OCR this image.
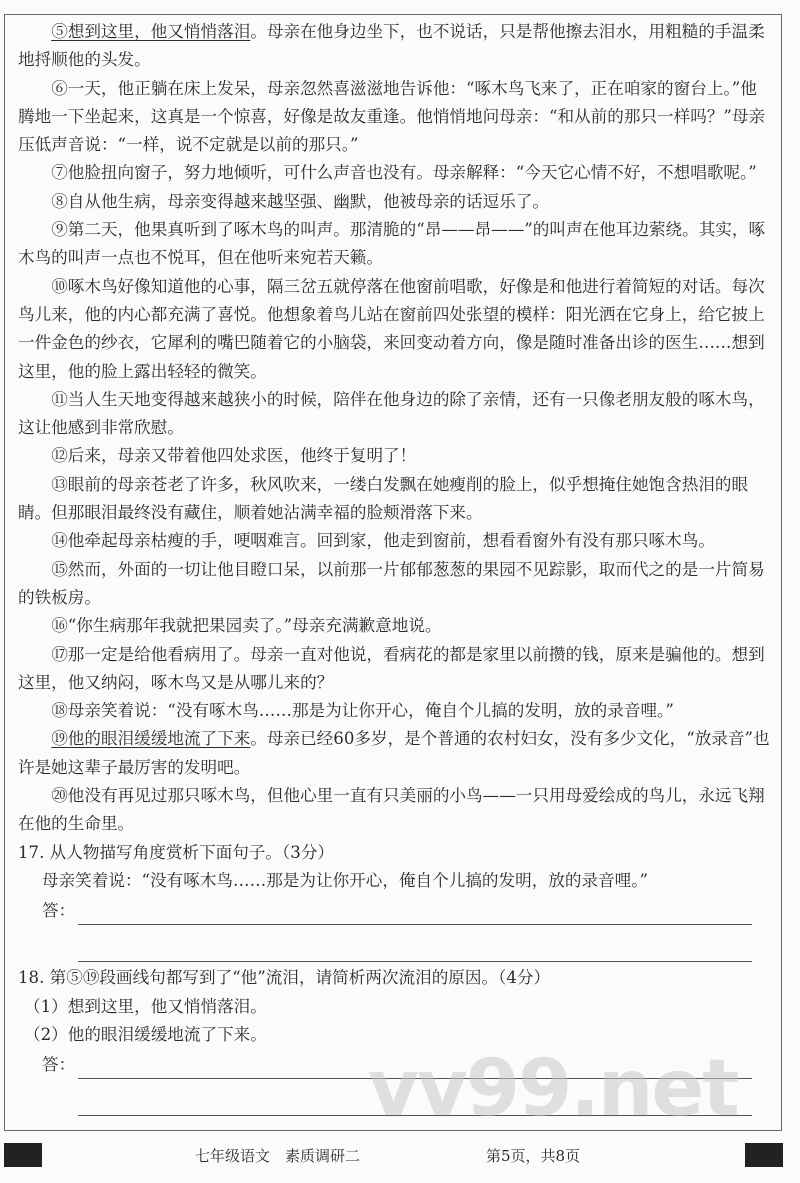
⑤想到这里，他又悄悄落泪。母亲在他身边坐下，也不说话，只是帮他擦去泪水，用粗糙的手温柔地捋顺他的头发。

⑥一天，他正躺在床上发呆，母亲忽然喜滋滋地告诉他：“啄木鸟飞来了，正在咱家的窗台上。”他腾地一下坐起来，这真是一个惊喜，好像是故友重逢。他悄悄地问母亲：“和从前的那只一样吗？”母亲压低声音说：“一样，说不定就是以前的那只。”

⑦他脸扭向窗子，努力地倾听，可什么声音也没有。母亲解释：“今天它心情不好，不想唱歌呢。”

⑧自从他生病，母亲变得越来越坚强、幽默，他被母亲的话逗乐了。

⑨第二天，他果真听到了啄木鸟的叫声。那清脆的“昂——昂——”的叫声在他耳边萦绕。其实，啄木鸟的叫声一点也不悦耳，但在他听来宛若天籁。

⑩啄木鸟好像知道他的心事，隔三岔五就停落在他窗前唱歌，好像是和他进行着简短的对话。每次鸟儿来，他的内心都充满了喜悦。他想象着鸟儿站在窗前四处张望的模样：阳光洒在它身上，给它披上一件金色的纱衣，它犀利的嘴巴随着它的小脑袋，来回变动着方向，像是随时准备出诊的医生……想到这里，他的脸上露出轻轻的微笑。

⑪当人生天地变得越来越狭小的时候，陪伴在他身边的除了亲情，还有一只像老朋友般的啄木鸟，这让他感到非常欣慰。

⑫后来，母亲又带着他四处求医，他终于复明了！

⑬眼前的母亲苍老了许多，秋风吹来，一缕白发飘在她瘦削的脸上，似乎想掩住她饱含热泪的眼睛。但那眼泪最终没有藏住，顺着她沾满幸福的脸颊滑落下来。

⑭他牵起母亲枯瘦的手，哽咽难言。回到家，他走到窗前，想看看窗外有没有那只啄木鸟。

⑮然而，外面的一切让他目瞪口呆，以前那一片郁郁葱葱的果园不见踪影，取而代之的是一片简易的铁板房。

⑯“你生病那年我就把果园卖了。”母亲充满歉意地说。

⑰那一定是给他看病用了。母亲一直对他说，看病花的都是家里以前攒的钱，原来是骗他的。想到这里，他又纳闷，啄木鸟又是从哪儿来的？

⑱母亲笑着说：“没有啄木鸟……那是为让你开心，俺自个儿搞的发明，放的录音哩。”

⑲他的眼泪缓缓地流了下来。母亲已经60多岁，是个普通的农村妇女，没有多少文化，“放录音”也许是她这辈子最厉害的发明吧。

⑳他没有再见过那只啄木鸟，但他心里一直有只美丽的小鸟——一只用母爱绘成的鸟儿，永远飞翔在他的生命里。

17. 从人物描写角度赏析下面句子。（3分）

母亲笑着说：“没有啄木鸟……那是为让你开心，俺自个儿搞的发明，放的录音哩。”

答：

18. 第⑤⑲段画线句都写到了“他”流泪，请简析两次流泪的原因。（4分）

（1）想到这里，他又悄悄落泪。

（2）他的眼泪缓缓地流了下来。

答：	vv99.net
七年级语文　素质调研二	第5页，共8页
